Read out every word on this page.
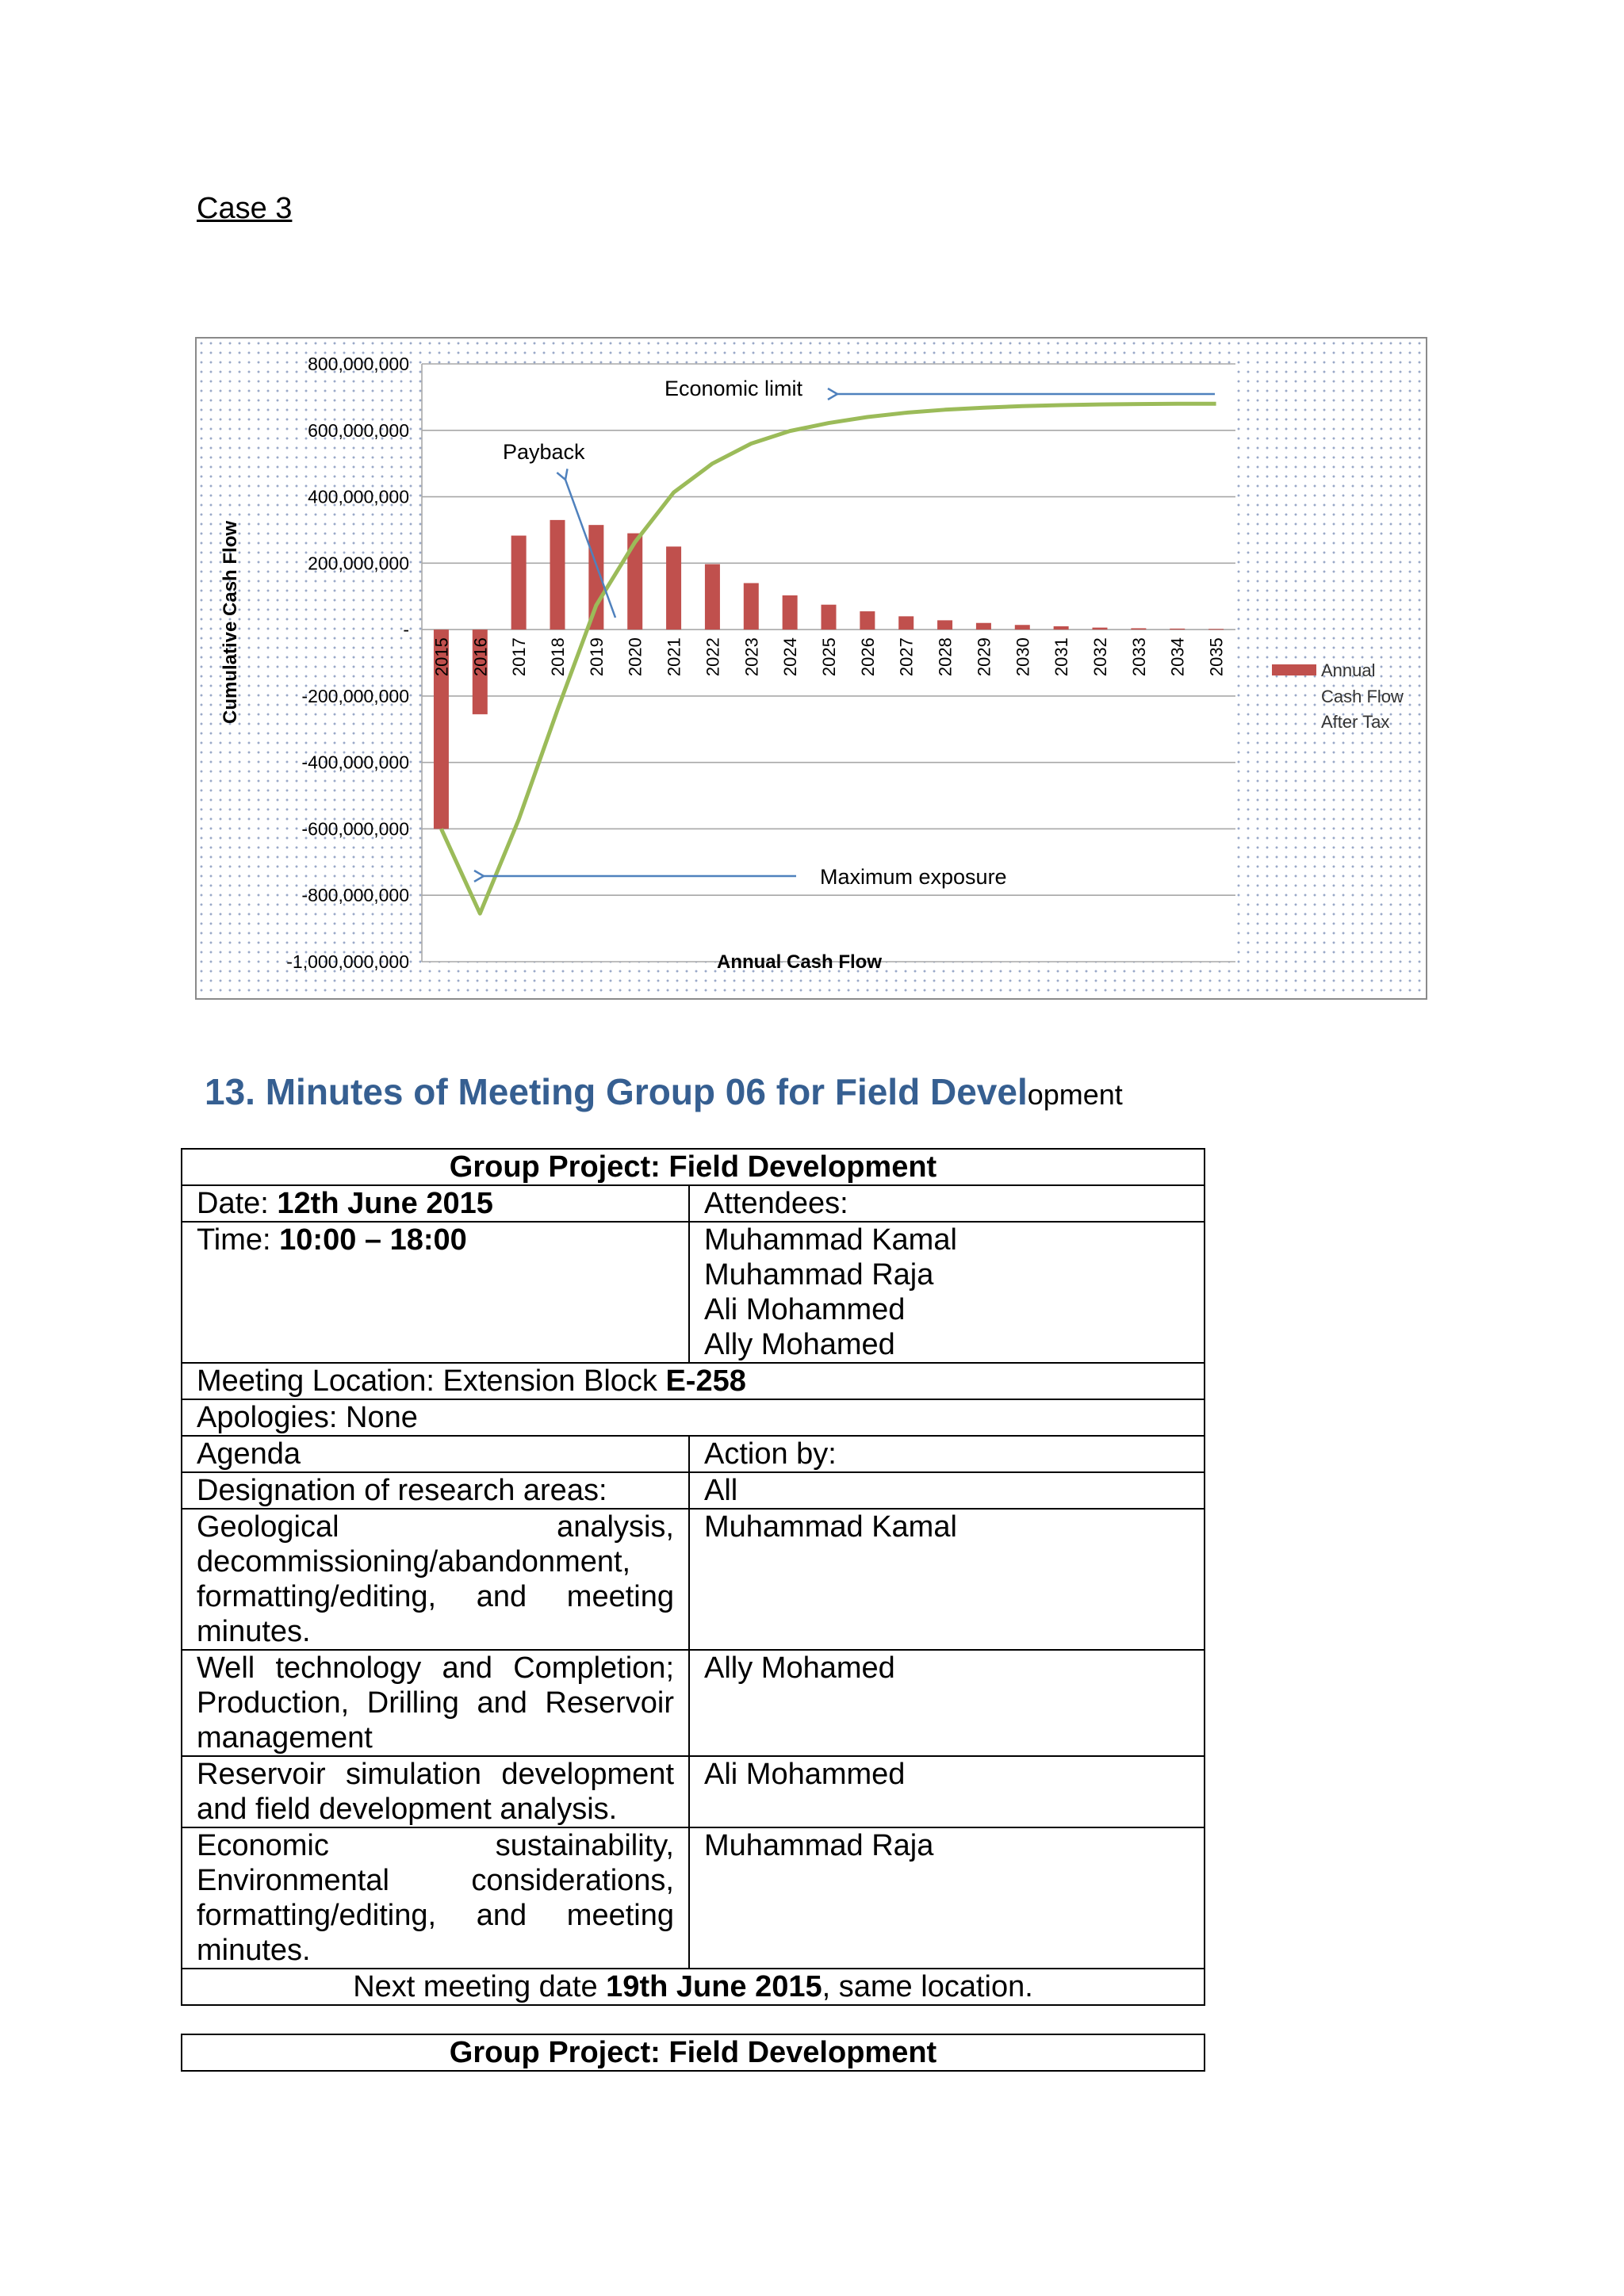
Case 3
800,000,000
600,000,000
400,000,000
200,000,000
-
-200,000,000
-400,000,000
-600,000,000
-800,000,000
-1,000,000,000
2015 2016 2017 2018 2019 2020 2021 2022 2023 2024 2025 2026 2027 2028 2029 2030 2031 2032 2033 2034 2035
Economic limit
Payback
Maximum exposure
Annual Cash Flow
Cumulative Cash Flow	Annual
Cash Flow
After Tax
13. Minutes of Meeting Group 06 for Field Development
Group Project: Field Development	
Date: 12th June 2015	Attendees:
Time: 10:00 – 18:00	Muhammad Kamal
Muhammad Raja
Ali Mohammed
Ally Mohamed

Meeting Location: Extension Block E-258	
Apologies: None	
Agenda	Action by:
Designation of research areas:	All
Geological analysis, decommissioning/abandonment, formatting/editing, and meeting minutes.	Muhammad Kamal
Well technology and Completion; Production, Drilling and Reservoir management	Ally Mohamed
Reservoir simulation development and field development analysis.	Ali Mohammed
Economic sustainability, Environmental considerations, formatting/editing, and meeting minutes.	Muhammad Raja
Next meeting date 19th June 2015, same location.	
Group Project: Field Development
